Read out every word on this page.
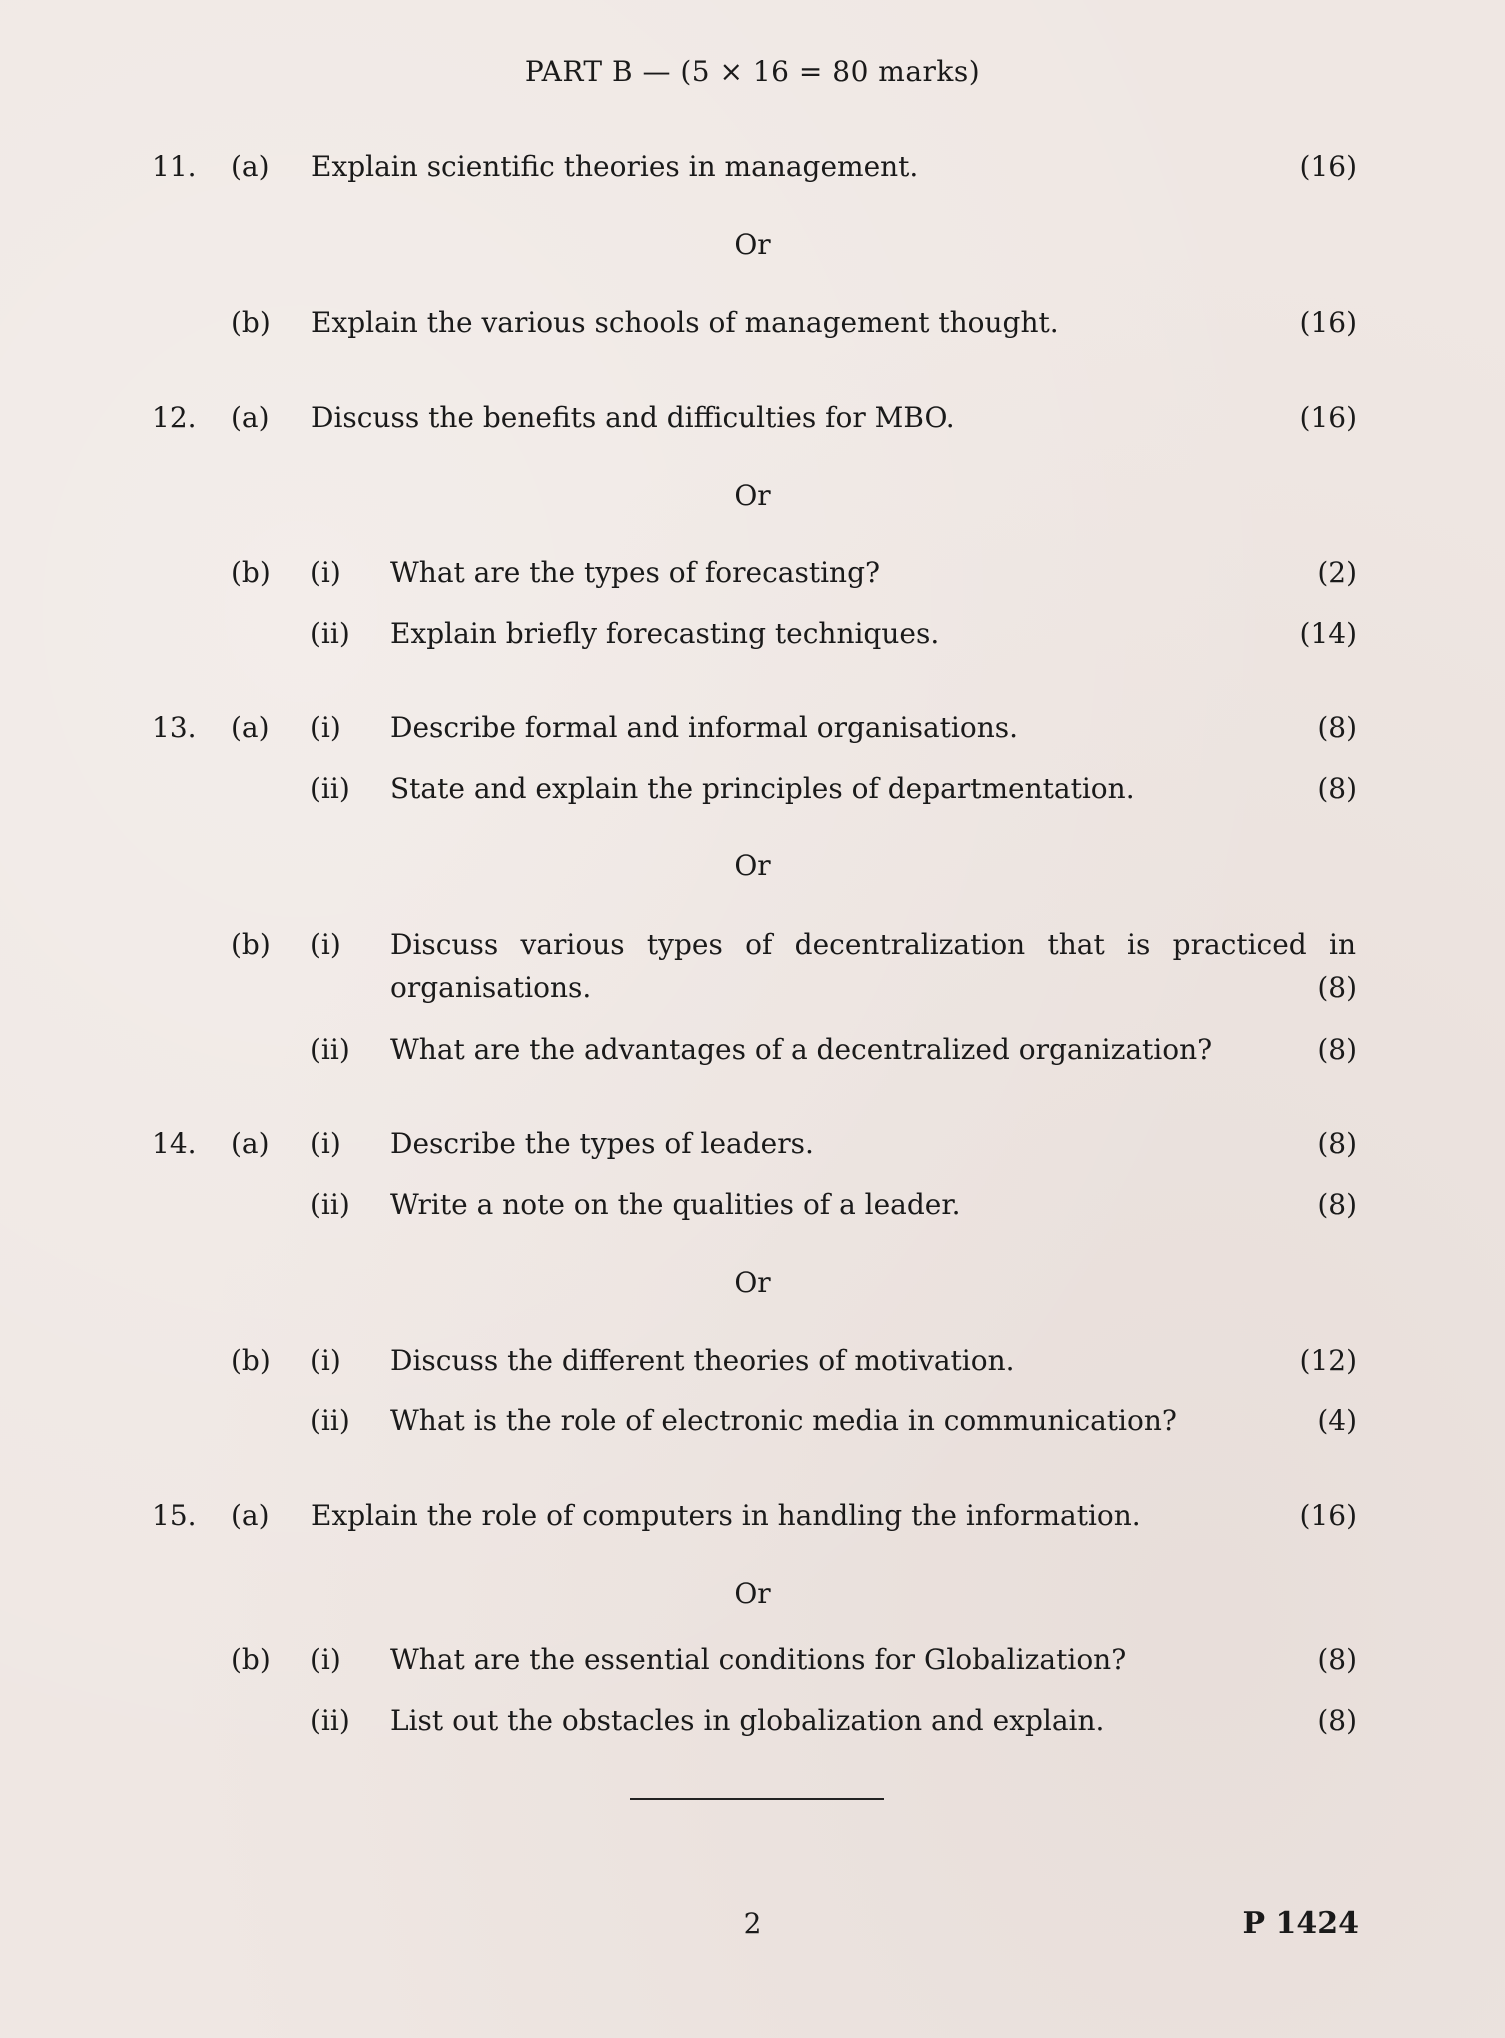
PART B — (5 × 16 = 80 marks)
11. (a) Explain scientific theories in management.	(16)
Or
(b) Explain the various schools of management thought.	(16)
12. (a) Discuss the benefits and difficulties for MBO.	(16)
Or
(b) (i) What are the types of forecasting?	(2)
(ii) Explain briefly forecasting techniques.	(14)
13. (a) (i) Describe formal and informal organisations.	(8)
(ii) State and explain the principles of departmentation.	(8)
Or
(b) (i) Discuss various types of decentralization that is practiced in
organisations.	(8)
(ii) What are the advantages of a decentralized organization?	(8)
14. (a) (i) Describe the types of leaders.	(8)
(ii) Write a note on the qualities of a leader.	(8)
Or
(b) (i) Discuss the different theories of motivation.	(12)
(ii) What is the role of electronic media in communication?	(4)
15. (a) Explain the role of computers in handling the information.	(16)
Or
(b) (i) What are the essential conditions for Globalization?	(8)
(ii) List out the obstacles in globalization and explain.	(8)
2	P 1424
